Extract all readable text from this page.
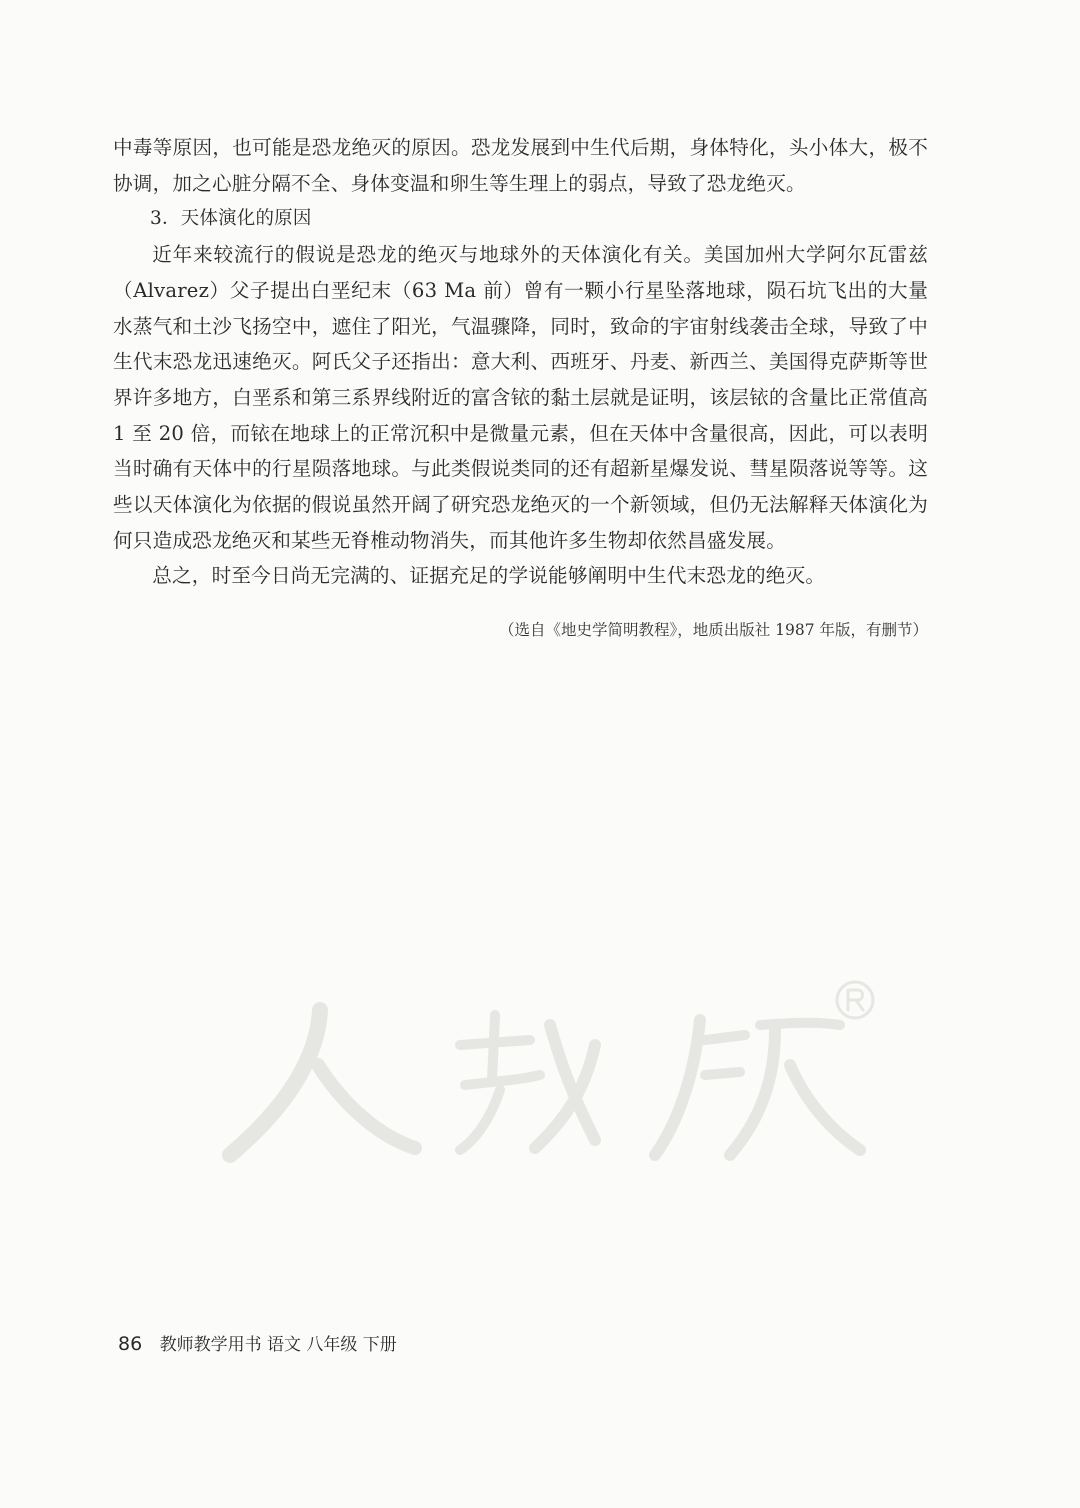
中毒等原因，也可能是恐龙绝灭的原因。恐龙发展到中生代后期，身体特化，头小体大，极不协调，加之心脏分隔不全、身体变温和卵生等生理上的弱点，导致了恐龙绝灭。

3．天体演化的原因

近年来较流行的假说是恐龙的绝灭与地球外的天体演化有关。美国加州大学阿尔瓦雷兹（Alvarez）父子提出白垩纪末（63 Ma 前）曾有一颗小行星坠落地球，陨石坑飞出的大量水蒸气和土沙飞扬空中，遮住了阳光，气温骤降，同时，致命的宇宙射线袭击全球，导致了中生代末恐龙迅速绝灭。阿氏父子还指出：意大利、西班牙、丹麦、新西兰、美国得克萨斯等世界许多地方，白垩系和第三系界线附近的富含铱的黏土层就是证明，该层铱的含量比正常值高 1 至 20 倍，而铱在地球上的正常沉积中是微量元素，但在天体中含量很高，因此，可以表明当时确有天体中的行星陨落地球。与此类假说类同的还有超新星爆发说、彗星陨落说等等。这些以天体演化为依据的假说虽然开阔了研究恐龙绝灭的一个新领域，但仍无法解释天体演化为何只造成恐龙绝灭和某些无脊椎动物消失，而其他许多生物却依然昌盛发展。

总之，时至今日尚无完满的、证据充足的学说能够阐明中生代末恐龙的绝灭。

（选自《地史学简明教程》，地质出版社 1987 年版，有删节）
86 教师教学用书 语文 八年级 下册
